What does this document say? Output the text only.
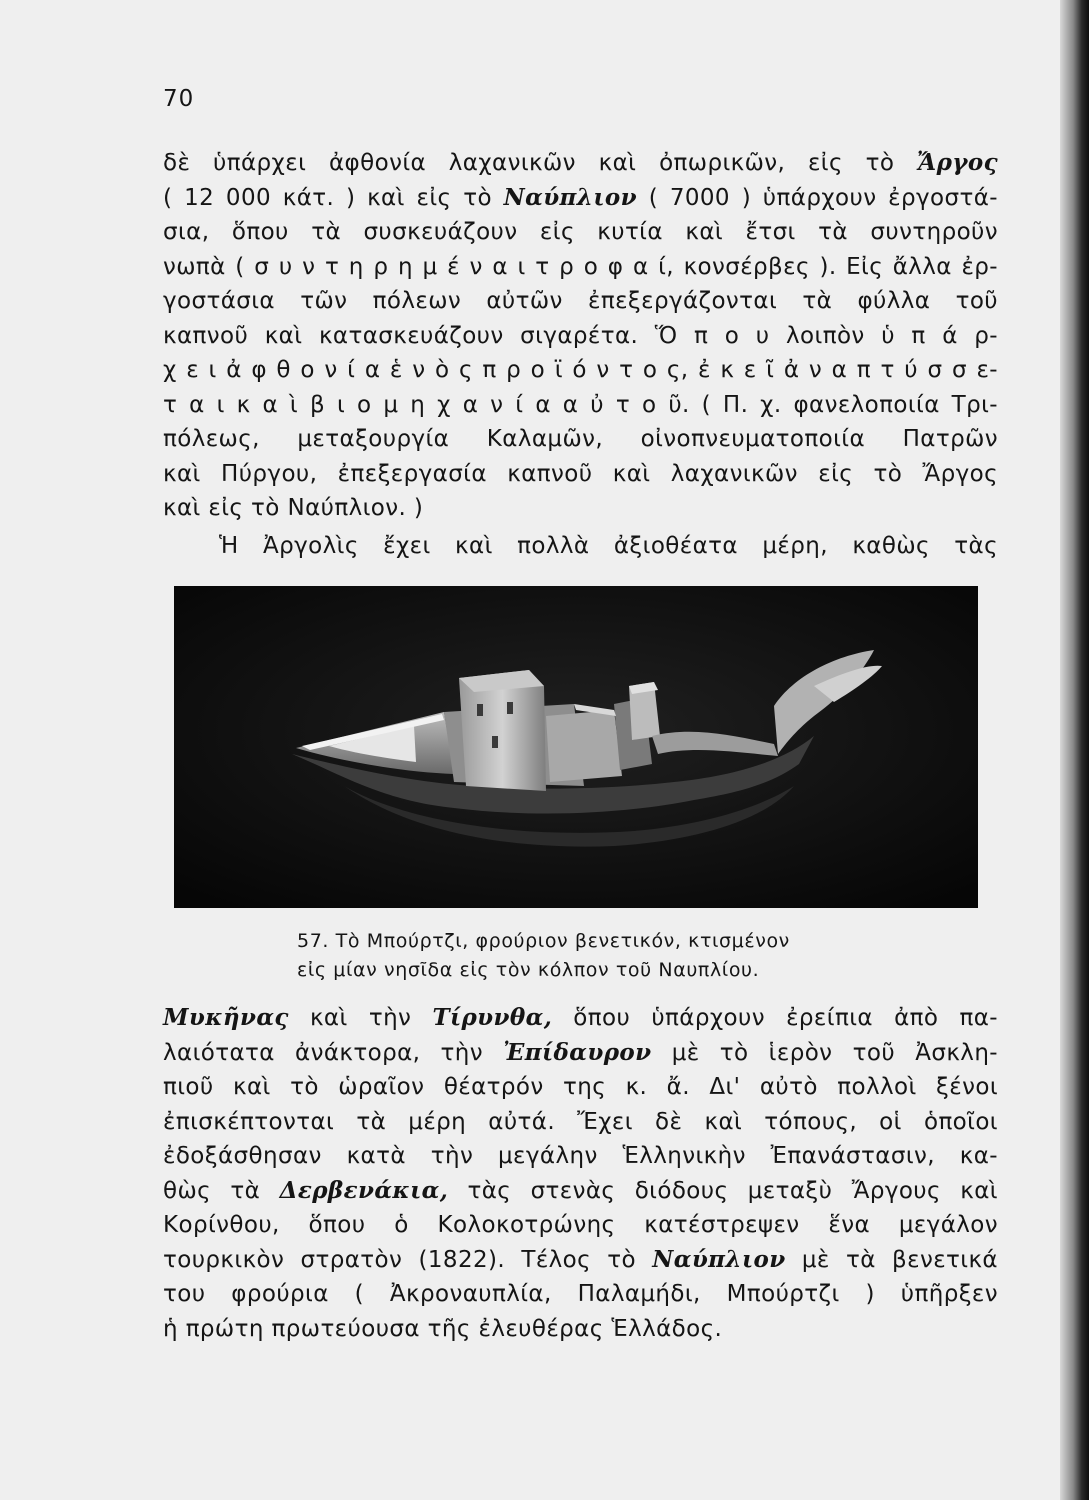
70
δὲ ὑπάρχει ἀφθονία λαχανικῶν καὶ ὀπωρικῶν, εἰς τὸ Ἄργος
( 12 000 κάτ. ) καὶ εἰς τὸ Ναύπλιον ( 7000 ) ὑπάρχουν ἐργοστά-
σια, ὅπου τὰ συσκευάζουν εἰς κυτία καὶ ἔτσι τὰ συντηροῦν
νωπὰ ( σ υ ν τ η ρ η μ έ ν α ι τ ρ ο φ α ί, κονσέρβες ). Εἰς ἄλλα ἐρ-
γοστάσια τῶν πόλεων αὐτῶν ἐπεξεργάζονται τὰ φύλλα τοῦ
καπνοῦ καὶ κατασκευάζουν σιγαρέτα. Ὅ π ο υ λοιπὸν ὑ π ά ρ-
χ ε ι ἀ φ θ ο ν ί α ἑ ν ὸ ς π ρ ο ϊ ό ν τ ο ς, ἐ κ ε ῖ ἀ ν α π τ ύ σ σ ε-
τ α ι κ α ὶ β ι ο μ η χ α ν ί α α ὐ τ ο ῦ. ( Π. χ. φανελοποιία Τρι-
πόλεως, μεταξουργία Καλαμῶν, οἰνοπνευματοποιία Πατρῶν
καὶ Πύργου, ἐπεξεργασία καπνοῦ καὶ λαχανικῶν εἰς τὸ Ἄργος
καὶ εἰς τὸ Ναύπλιον. )
Ἡ Ἀργολὶς ἔχει καὶ πολλὰ ἀξιοθέατα μέρη, καθὼς τὰς
57. Τὸ Μπούρτζι, φρούριον βενετικόν, κτισμένον
εἰς μίαν νησῖδα εἰς τὸν κόλπον τοῦ Ναυπλίου.
Μυκῆνας καὶ τὴν Τίρυνθα, ὅπου ὑπάρχουν ἐρείπια ἀπὸ πα-
λαιότατα ἀνάκτορα, τὴν Ἐπίδαυρον μὲ τὸ ἱερὸν τοῦ Ἀσκλη-
πιοῦ καὶ τὸ ὡραῖον θέατρόν της κ. ἄ. Δι' αὐτὸ πολλοὶ ξένοι
ἐπισκέπτονται τὰ μέρη αὐτά. Ἔχει δὲ καὶ τόπους, οἱ ὁποῖοι
ἐδοξάσθησαν κατὰ τὴν μεγάλην Ἑλληνικὴν Ἐπανάστασιν, κα-
θὼς τὰ Δερβενάκια, τὰς στενὰς διόδους μεταξὺ Ἄργους καὶ
Κορίνθου, ὅπου ὁ Κολοκοτρώνης κατέστρεψεν ἕνα μεγάλον
τουρκικὸν στρατὸν (1822). Τέλος τὸ Ναύπλιον μὲ τὰ βενετικά
του φρούρια ( Ἀκροναυπλία, Παλαμήδι, Μπούρτζι ) ὑπῆρξεν
ἡ πρώτη πρωτεύουσα τῆς ἐλευθέρας Ἑλλάδος.
